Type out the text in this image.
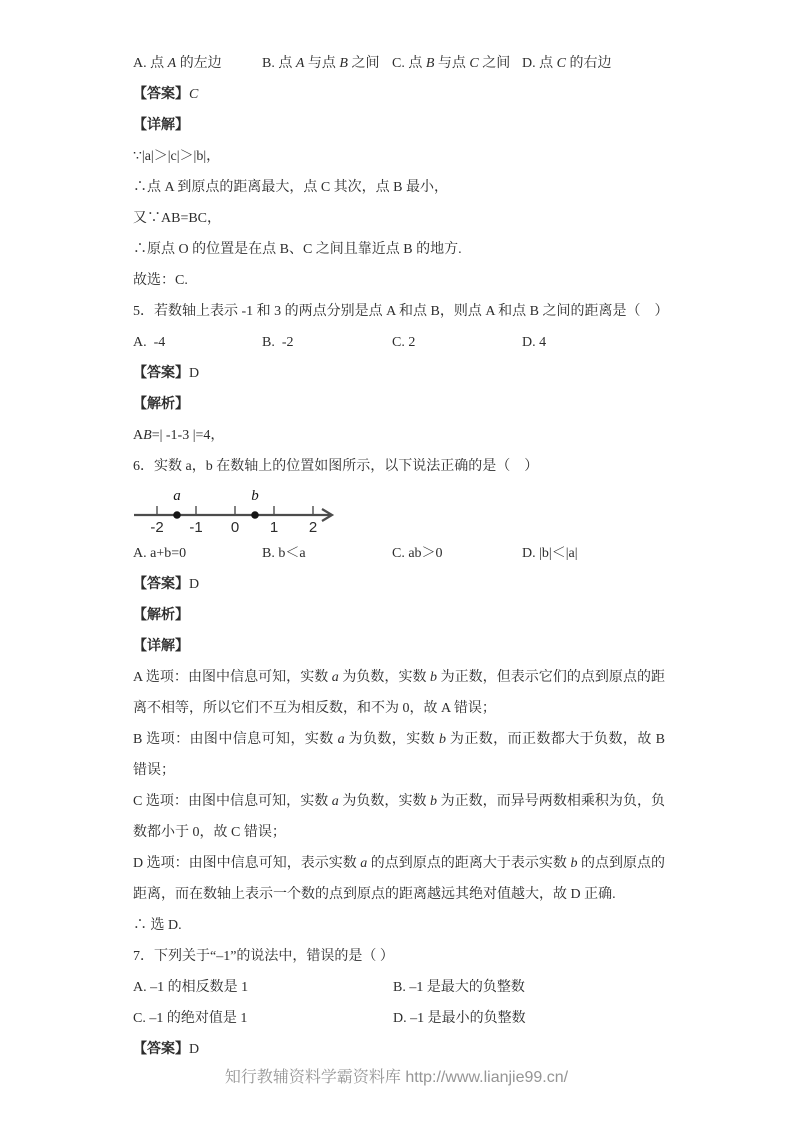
A. 点 A 的左边	B. 点 A 与点 B 之间 C. 点 B 与点 C 之间 D. 点 C 的右边

【答案】C

【详解】

∵|a|＞|c|＞|b|，

∴点 A 到原点的距离最大，点 C 其次，点 B 最小，

又∵AB=BC，

∴原点 O 的位置是在点 B、C 之间且靠近点 B 的地方.

故选：C.

5．若数轴上表示 -1 和 3 的两点分别是点 A 和点 B，则点 A 和点 B 之间的距离是（　）

A.  -4	B.  -2	C. 2	D. 4

【答案】D

【解析】

AB=| -1-3 |=4，

6．实数 a，b 在数轴上的位置如图所示，以下说法正确的是（　）

-2 -1 0 1 2
a	b
A. a+b=0	B. b＜a	C. ab＞0	D. |b|＜|a|

【答案】D

【解析】

【详解】

A 选项：由图中信息可知，实数 a 为负数，实数 b 为正数，但表示它们的点到原点的距离不相等，所以它们不互为相反数，和不为 0，故 A 错误；

B 选项：由图中信息可知，实数 a 为负数，实数 b 为正数，而正数都大于负数，故 B 错误；

C 选项：由图中信息可知，实数 a 为负数，实数 b 为正数，而异号两数相乘积为负，负数都小于 0，故 C 错误；

D 选项：由图中信息可知，表示实数 a 的点到原点的距离大于表示实数 b 的点到原点的距离，而在数轴上表示一个数的点到原点的距离越远其绝对值越大，故 D 正确.

∴ 选 D.

7．下列关于“–1”的说法中，错误的是（ ）

A. –1 的相反数是 1	B. –1 是最大的负整数
C. –1 的绝对值是 1	D. –1 是最小的负整数

【答案】D

知行教辅资料学霸资料库 http://www.lianjie99.cn/
